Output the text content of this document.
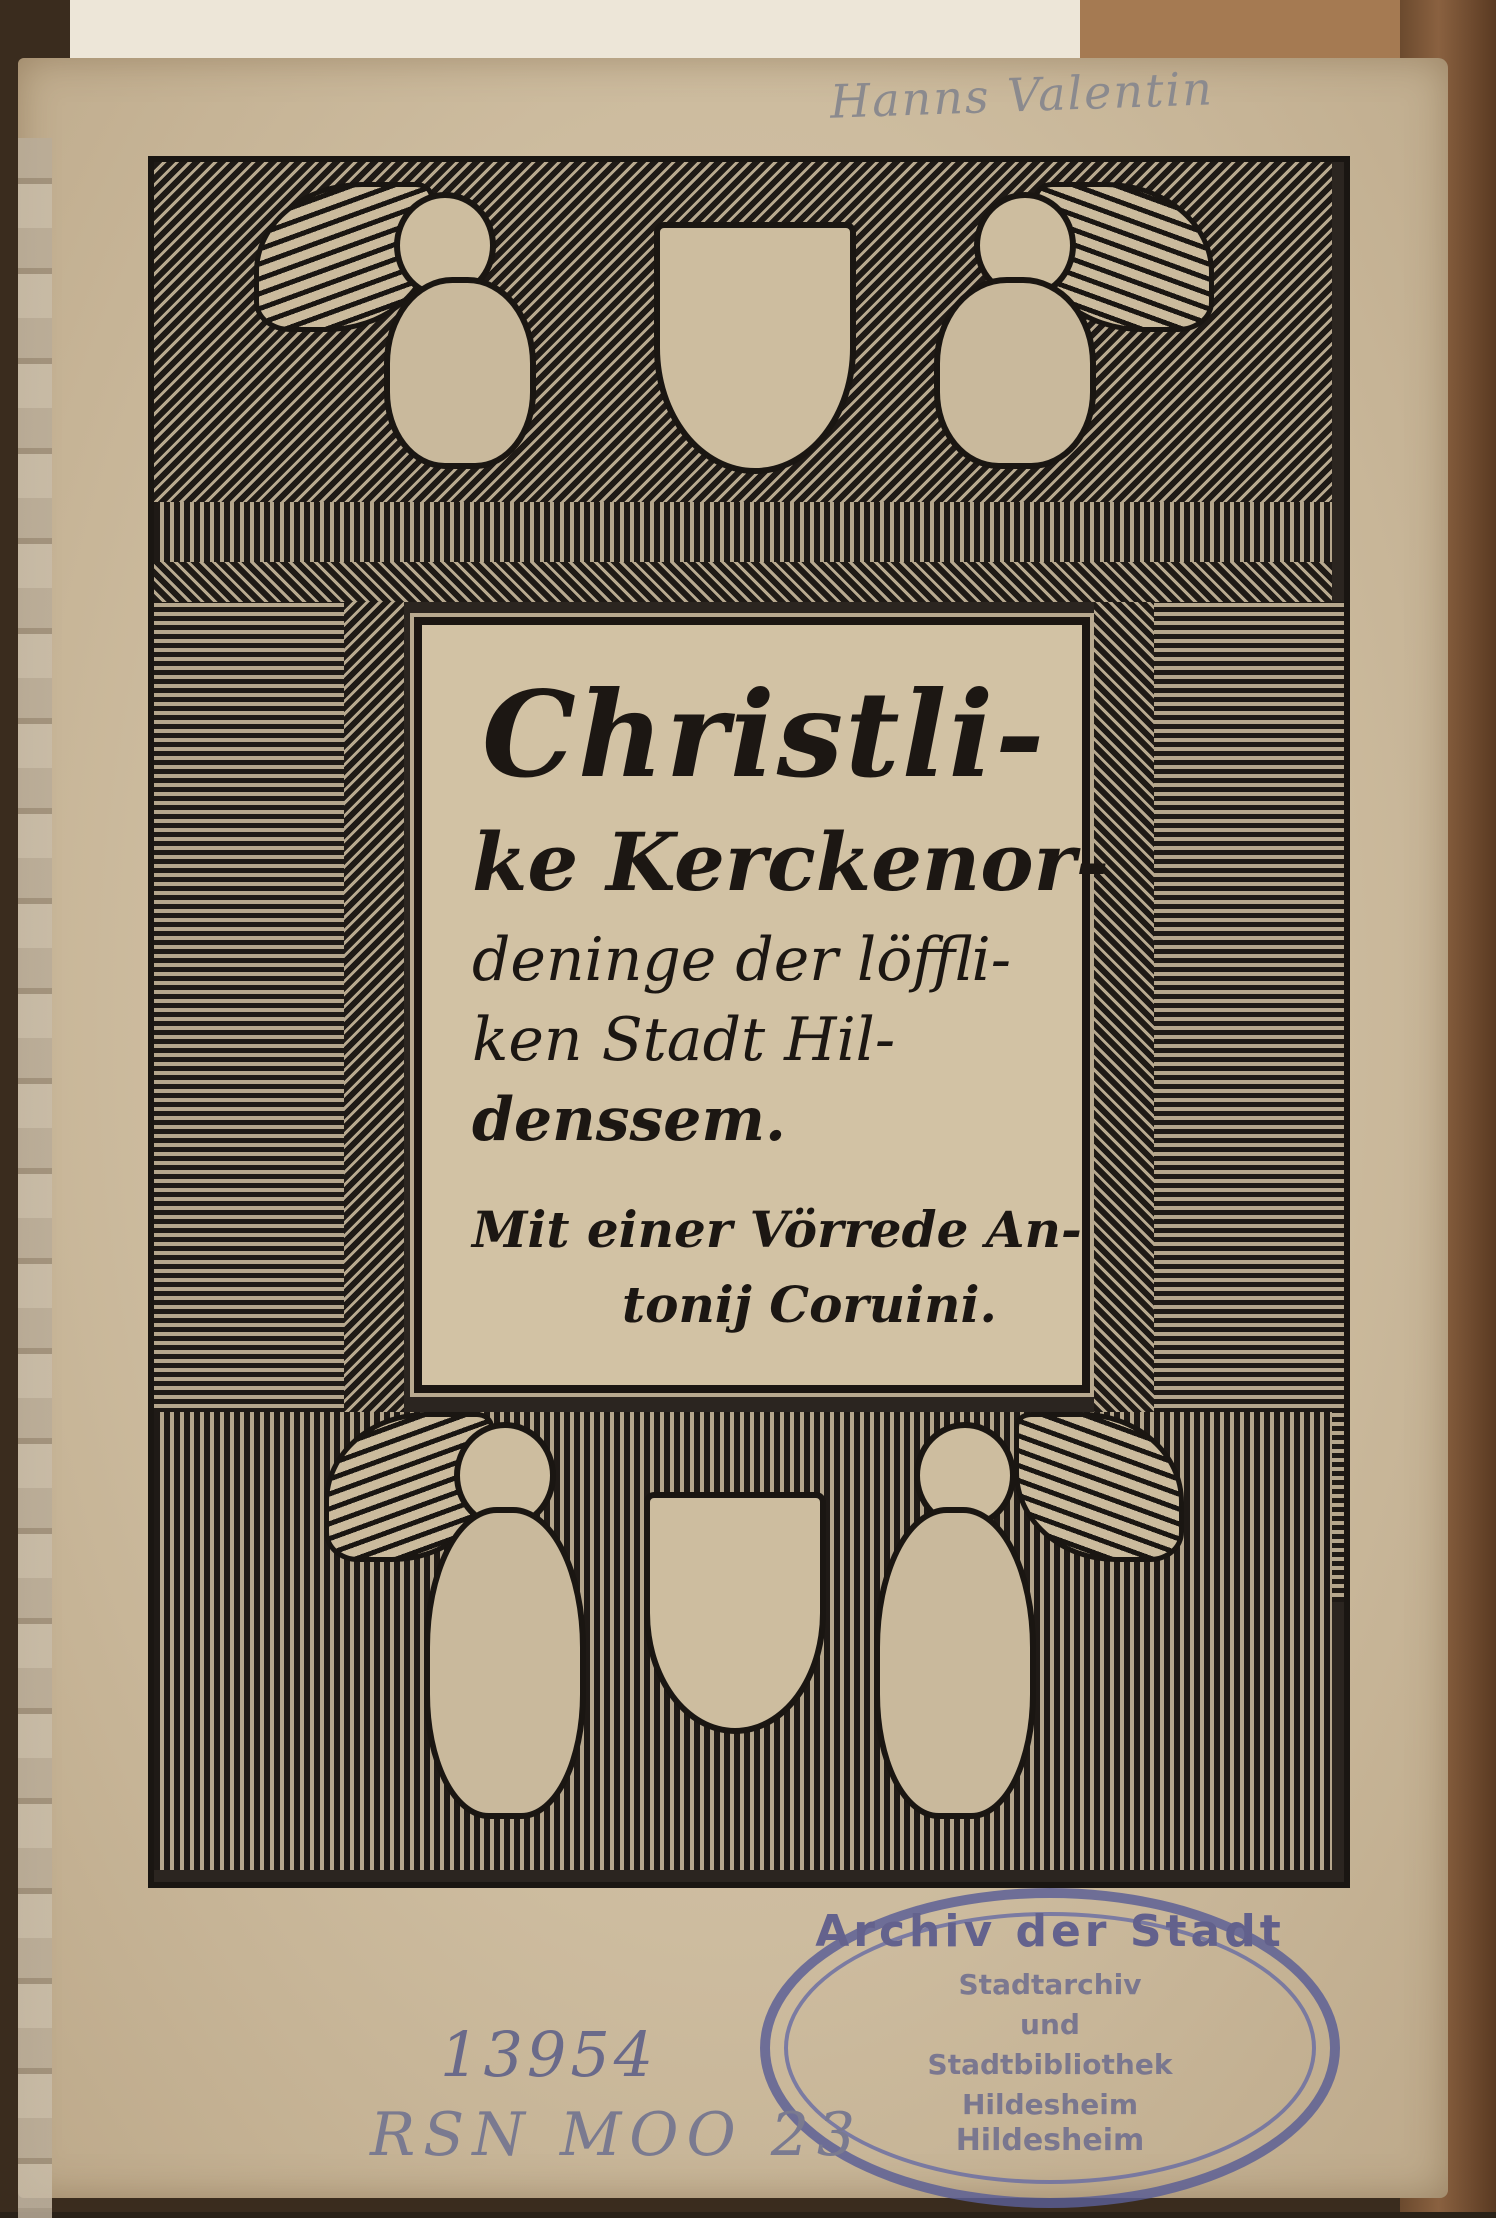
Hanns Valentin
Christli-
ke Kerckenor-
deninge der löffli-
ken Stadt Hil-
denssem.
Mit einer Vörrede An-
tonij Coruini.
Archiv der Stadt
Stadtarchiv
und
Stadtbibliothek
Hildesheim
Hildesheim
13954
RSN MOO 23
